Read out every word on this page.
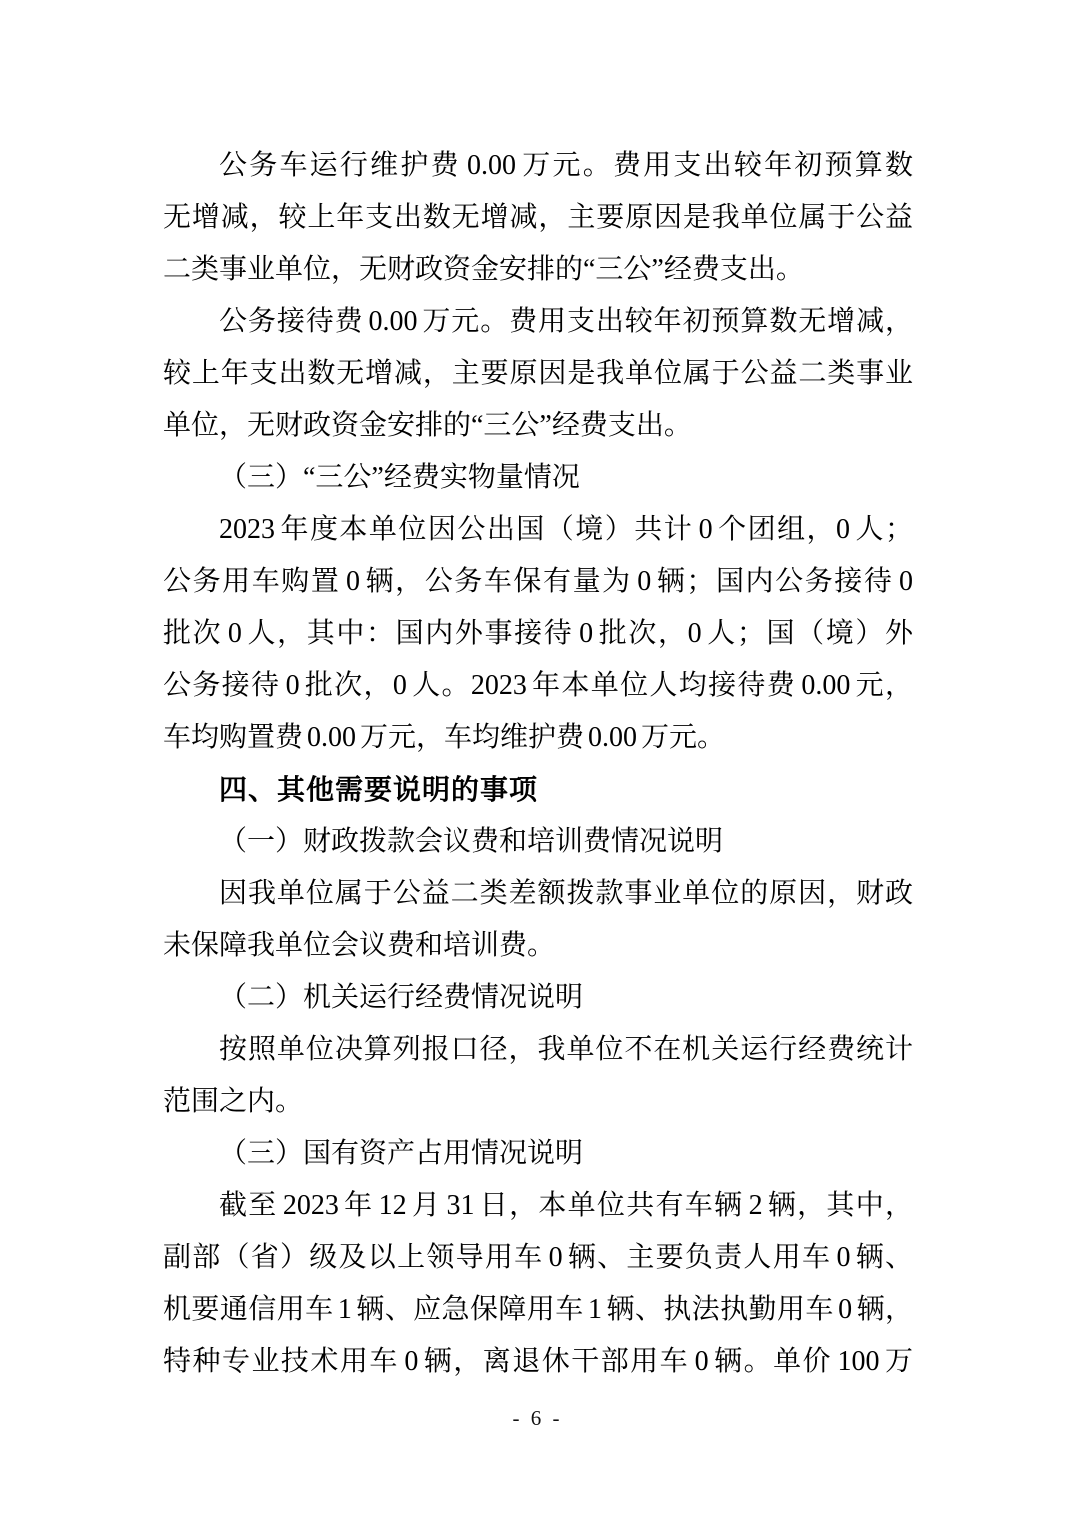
公务车运行维护费 0.00 万元。费用支出较年初预算数
无增减，较上年支出数无增减，主要原因是我单位属于公益
二类事业单位，无财政资金安排的“三公”经费支出。
公务接待费 0.00 万元。费用支出较年初预算数无增减，
较上年支出数无增减，主要原因是我单位属于公益二类事业
单位，无财政资金安排的“三公”经费支出。
（三）“三公”经费实物量情况
2023 年度本单位因公出国（境）共计 0 个团组，0 人；
公务用车购置 0 辆，公务车保有量为 0 辆；国内公务接待 0
批次 0 人，其中：国内外事接待 0 批次，0 人；国（境）外
公务接待 0 批次，0 人。2023 年本单位人均接待费 0.00 元，
车均购置费 0.00 万元，车均维护费 0.00 万元。
四、其他需要说明的事项
（一）财政拨款会议费和培训费情况说明
因我单位属于公益二类差额拨款事业单位的原因，财政
未保障我单位会议费和培训费。
（二）机关运行经费情况说明
按照单位决算列报口径，我单位不在机关运行经费统计
范围之内。
（三）国有资产占用情况说明
截至 2023 年 12 月 31 日，本单位共有车辆 2 辆，其中，
副部（省）级及以上领导用车 0 辆、主要负责人用车 0 辆、
机要通信用车 1 辆、应急保障用车 1 辆、执法执勤用车 0 辆，
特种专业技术用车 0 辆，离退休干部用车 0 辆。单价 100 万
- 6 -
